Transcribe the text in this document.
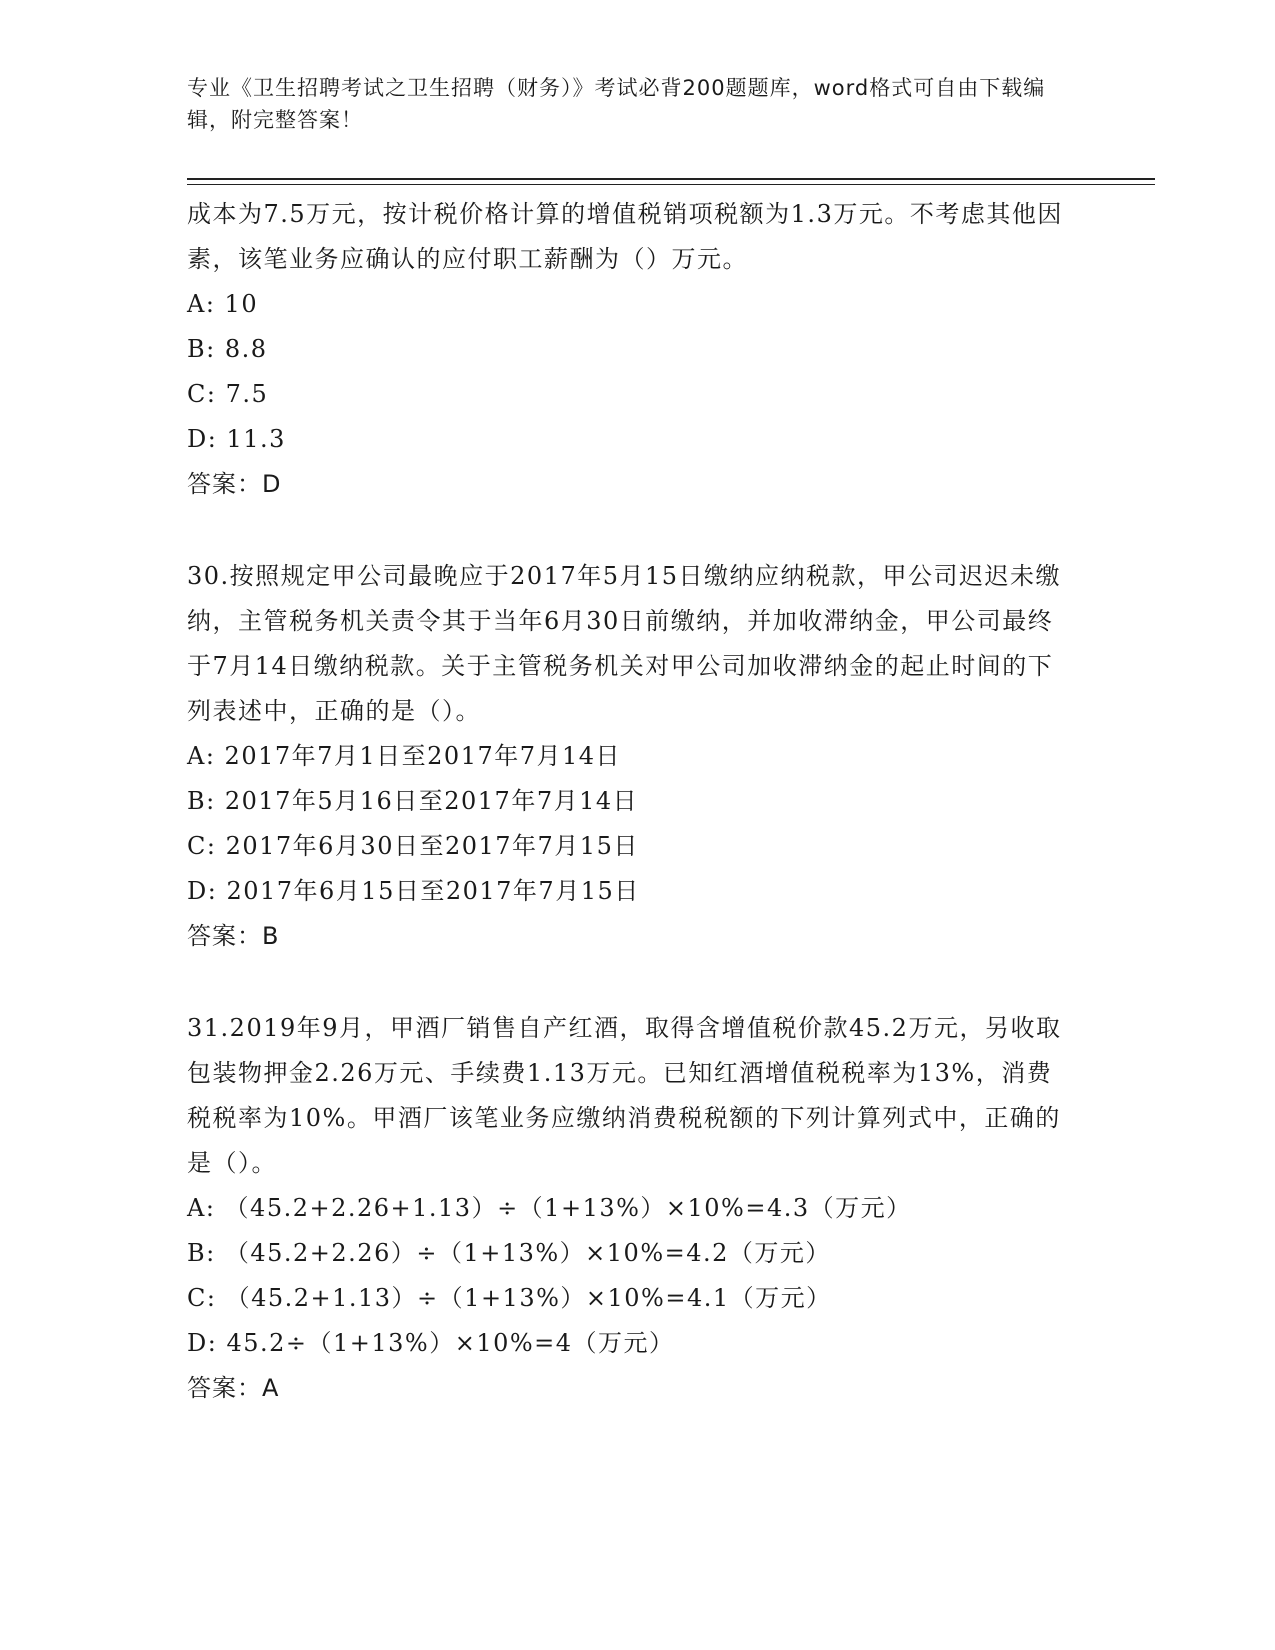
专业《卫生招聘考试之卫生招聘（财务）》考试必背200题题库，word格式可自由下载编辑，附完整答案！

成本为7.5万元，按计税价格计算的增值税销项税额为1.3万元。不考虑其他因素，该笔业务应确认的应付职工薪酬为（）万元。

A: 10
B: 8.8
C: 7.5
D: 11.3
答案：D

30.按照规定甲公司最晚应于2017年5月15日缴纳应纳税款，甲公司迟迟未缴纳，主管税务机关责令其于当年6月30日前缴纳，并加收滞纳金，甲公司最终于7月14日缴纳税款。关于主管税务机关对甲公司加收滞纳金的起止时间的下列表述中，正确的是（）。

A: 2017年7月1日至2017年7月14日
B: 2017年5月16日至2017年7月14日
C: 2017年6月30日至2017年7月15日
D: 2017年6月15日至2017年7月15日
答案：B

31.2019年9月，甲酒厂销售自产红酒，取得含增值税价款45.2万元，另收取包装物押金2.26万元、手续费1.13万元。已知红酒增值税税率为13%，消费税税率为10%。甲酒厂该笔业务应缴纳消费税税额的下列计算列式中，正确的是（）。

A: （45.2+2.26+1.13）÷（1+13%）×10%=4.3（万元）
B: （45.2+2.26）÷（1+13%）×10%=4.2（万元）
C: （45.2+1.13）÷（1+13%）×10%=4.1（万元）
D: 45.2÷（1+13%）×10%=4（万元）
答案：A
